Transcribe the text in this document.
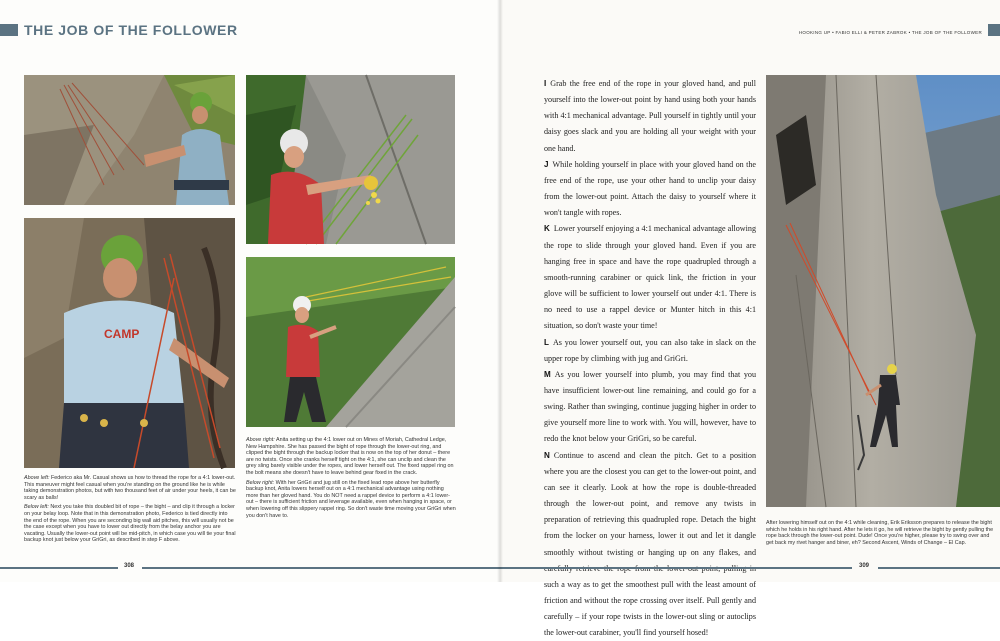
THE JOB OF THE FOLLOWER
CAMP

Above left: Federico aka Mr. Casual shows us how to thread the rope for a 4:1 lower-out. This maneuver might feel casual when you're standing on the ground like he is while taking demonstration photos, but with two thousand feet of air under your heels, it can be scary as balls!

Below left: Next you take this doubled bit of rope – the bight – and clip it through a locker on your belay loop. Note that in this demonstration photo, Federico is tied directly into the end of the rope. When you are seconding big wall aid pitches, this will usually not be the case except when you have to lower out directly from the belay anchor you are vacating. Usually the lower-out point will be mid-pitch, in which case you will tie your final backup knot just below your GriGri, as described in step F above.

Above right: Anita setting up the 4:1 lower out on Mines of Moriah, Cathedral Ledge, New Hampshire. She has passed the bight of rope through the lower-out ring, and clipped the bight through the backup locker that is now on the top of her donut – there are no twists. Once she cranks herself tight on the 4:1, she can unclip and clean the grey sling barely visible under the ropes, and lower herself out. The fixed rappel ring on the bolt means she doesn't have to leave behind gear fixed in the crack.

Below right: With her GriGri and jug still on the fixed lead rope above her butterfly backup knot, Anita lowers herself out on a 4:1 mechanical advantage using nothing more than her gloved hand. You do NOT need a rappel device to perform a 4:1 lower-out – there is sufficient friction and leverage available, even when hanging in space, or when lowering off this slippery rappel ring. So don't waste time moving your GriGri when you don't have to.

308
HOOKING UP • FABIO ELLI & PETER ZABROK • THE JOB OF THE FOLLOWER

I Grab the free end of the rope in your gloved hand, and pull yourself into the lower-out point by hand using both your hands with 4:1 mechanical advantage. Pull yourself in tightly until your daisy goes slack and you are holding all your weight with your one hand.

J While holding yourself in place with your gloved hand on the free end of the rope, use your other hand to unclip your daisy from the lower-out point. Attach the daisy to yourself where it won't tangle with ropes.

K Lower yourself enjoying a 4:1 mechanical advantage allowing the rope to slide through your gloved hand. Even if you are hanging free in space and have the rope quadrupled through a smooth-running carabiner or quick link, the friction in your glove will be sufficient to lower yourself out under 4:1. There is no need to use a rappel device or Munter hitch in this 4:1 situation, so don't waste your time!

L As you lower yourself out, you can also take in slack on the upper rope by climbing with jug and GriGri.

M As you lower yourself into plumb, you may find that you have insufficient lower-out line remaining, and could go for a swing. Rather than swinging, continue jugging higher in order to give yourself more line to work with. You will, however, have to redo the knot below your GriGri, so be careful.

N Continue to ascend and clean the pitch. Get to a position where you are the closest you can get to the lower-out point, and can see it clearly. Look at how the rope is double-threaded through the lower-out point, and remove any twists in preparation of retrieving this quadrupled rope. Detach the bight from the locker on your harness, lower it out and let it dangle smoothly without twisting or hanging up on any flakes, and such a way as to get the smoothest pull with the least amount of friction and without the rope crossing over itself. Pull gently and carefully – if your rope twists in the lower-out sling or autoclips the lower-out carabiner, you'll find yourself hosed!

After lowering himself out on the 4:1 while cleaning, Erik Eriksson prepares to release the bight which he holds in his right hand. After he lets it go, he will retrieve the bight by gently pulling the rope back through the lower-out point. Dude! Once you're higher, please try to swing over and get back my rivet hanger and biner, eh? Second Ascent, Winds of Change – El Cap.
309
